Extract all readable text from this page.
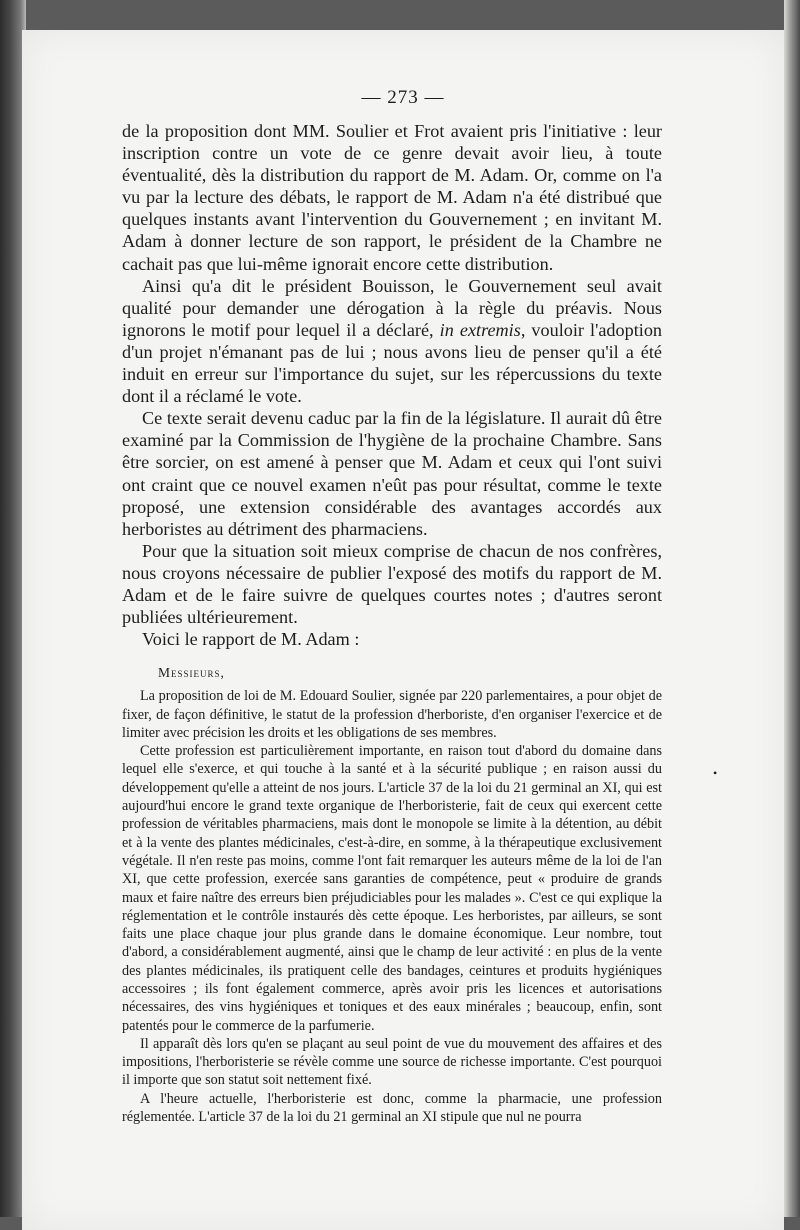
— 273 —
•

de la proposition dont MM. Soulier et Frot avaient pris l'initiative : leur inscription contre un vote de ce genre devait avoir lieu, à toute éventualité, dès la distribution du rapport de M. Adam. Or, comme on l'a vu par la lecture des débats, le rapport de M. Adam n'a été distribué que quelques instants avant l'intervention du Gouvernement ; en invitant M. Adam à donner lecture de son rapport, le président de la Chambre ne cachait pas que lui-même ignorait encore cette distribution.

Ainsi qu'a dit le président Bouisson, le Gouvernement seul avait qualité pour demander une dérogation à la règle du préavis. Nous ignorons le motif pour lequel il a déclaré, in extremis, vouloir l'adoption d'un projet n'émanant pas de lui ; nous avons lieu de penser qu'il a été induit en erreur sur l'importance du sujet, sur les répercussions du texte dont il a réclamé le vote.

Ce texte serait devenu caduc par la fin de la législature. Il aurait dû être examiné par la Commission de l'hygiène de la prochaine Chambre. Sans être sorcier, on est amené à penser que M. Adam et ceux qui l'ont suivi ont craint que ce nouvel examen n'eût pas pour résultat, comme le texte proposé, une extension considérable des avantages accordés aux herboristes au détriment des pharmaciens.

Pour que la situation soit mieux comprise de chacun de nos confrères, nous croyons nécessaire de publier l'exposé des motifs du rapport de M. Adam et de le faire suivre de quelques courtes notes ; d'autres seront publiées ultérieurement.

Voici le rapport de M. Adam :

Messieurs,

La proposition de loi de M. Edouard Soulier, signée par 220 parlementaires, a pour objet de fixer, de façon définitive, le statut de la profession d'herboriste, d'en organiser l'exercice et de limiter avec précision les droits et les obligations de ses membres.

Cette profession est particulièrement importante, en raison tout d'abord du domaine dans lequel elle s'exerce, et qui touche à la santé et à la sécurité publique ; en raison aussi du développement qu'elle a atteint de nos jours. L'article 37 de la loi du 21 germinal an XI, qui est aujourd'hui encore le grand texte organique de l'herboristerie, fait de ceux qui exercent cette profession de véritables pharmaciens, mais dont le monopole se limite à la détention, au débit et à la vente des plantes médicinales, c'est-à-dire, en somme, à la thérapeutique exclusivement végétale. Il n'en reste pas moins, comme l'ont fait remarquer les auteurs même de la loi de l'an XI, que cette profession, exercée sans garanties de compétence, peut « produire de grands maux et faire naître des erreurs bien préjudiciables pour les malades ». C'est ce qui explique la réglementation et le contrôle instaurés dès cette époque. Les herboristes, par ailleurs, se sont faits une place chaque jour plus grande dans le domaine économique. Leur nombre, tout d'abord, a considérablement augmenté, ainsi que le champ de leur activité : en plus de la vente des plantes médicinales, ils pratiquent celle des bandages, ceintures et produits hygiéniques accessoires ; ils font également commerce, après avoir pris les licences et autorisations nécessaires, des vins hygiéniques et toniques et des eaux minérales ; beaucoup, enfin, sont patentés pour le commerce de la parfumerie.

Il apparaît dès lors qu'en se plaçant au seul point de vue du mouvement des affaires et des impositions, l'herboristerie se révèle comme une source de richesse importante. C'est pourquoi il importe que son statut soit nettement fixé.

A l'heure actuelle, l'herboristerie est donc, comme la pharmacie, une profession réglementée. L'article 37 de la loi du 21 germinal an XI stipule que nul ne pourra
